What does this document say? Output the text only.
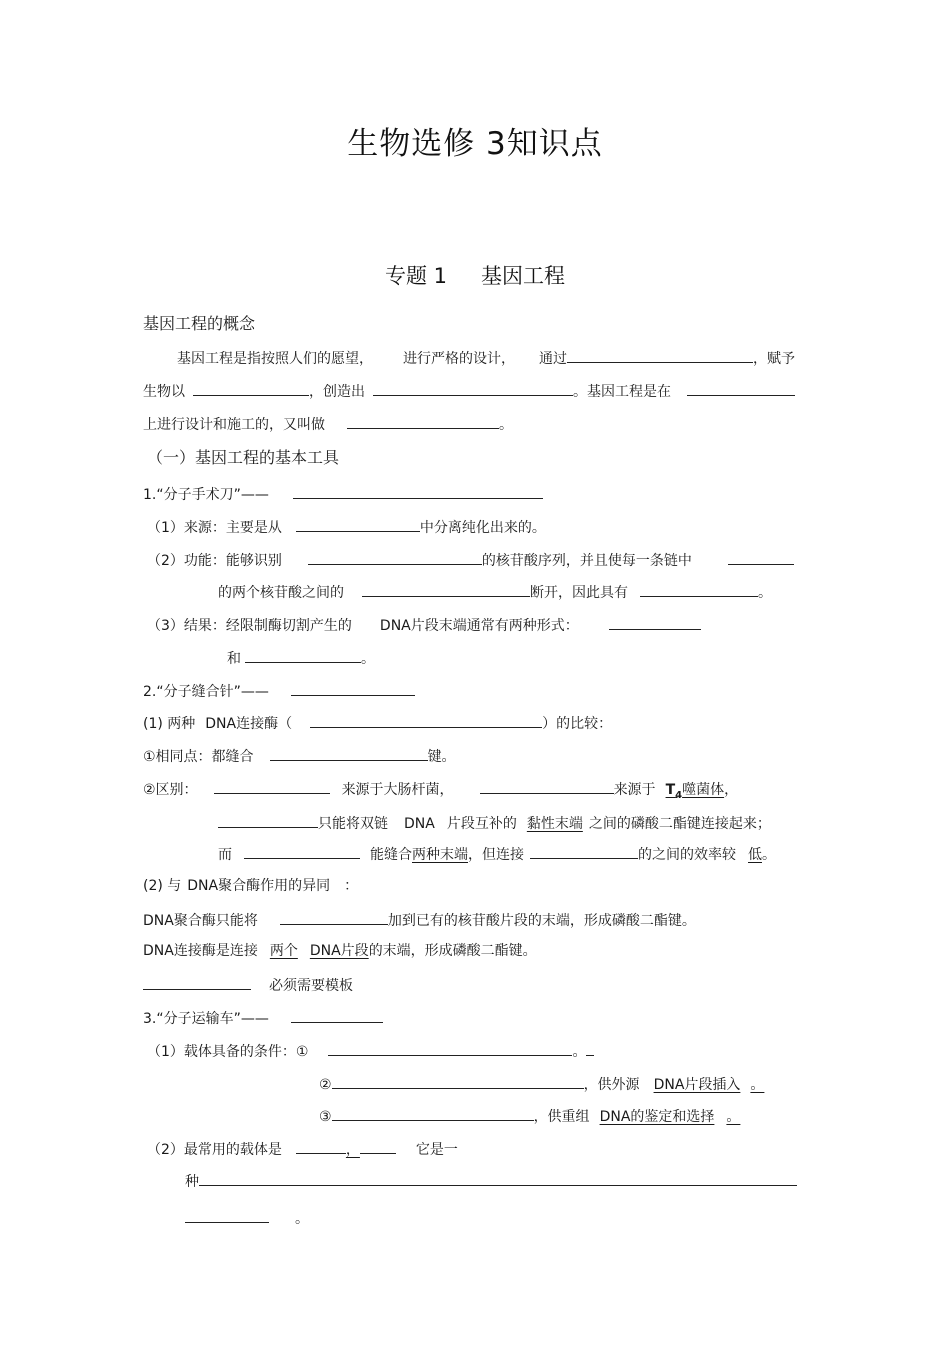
生物选修 3知识点
专题 1 基因工程
基因工程的概念
基因工程是指按照人们的愿望， 进行严格的设计， 通过	，赋予
生物以	，创造出	。基因工程是在
上进行设计和施工的，又叫做	。
（一）基因工程的基本工具
1.“分子手术刀”——
（1）来源：主要是从	中分离纯化出来的。
（2）功能：能够识别	的核苷酸序列，并且使每一条链中
的两个核苷酸之间的	断开，因此具有	。
（3）结果：经限制酶切割产生的 DNA片段末端通常有两种形式：
和	。
2.“分子缝合针”——
(1) 两种 DNA连接酶（	）的比较：
①相同点：都缝合	键。
②区别：	来源于大肠杆菌，	来源于 $T_4$噬菌体，
只能将双链 DNA 片段互补的 黏性末端 之间的磷酸二酯键连接起来；
而	能缝合两种末端，但连接	的之间的效率较 低。
(2) 与 DNA聚合酶作用的异同 ：
DNA聚合酶只能将	加到已有的核苷酸片段的末端，形成磷酸二酯键。
DNA连接酶是连接 两个 DNA片段的末端，形成磷酸二酯键。
必须需要模板
3.“分子运输车”——
（1）载体具备的条件：①	。
②	，供外源 DNA片段插入 。
③	，供重组 DNA的鉴定和选择 。
（2）最常用的载体是	，	它是一
种
。
